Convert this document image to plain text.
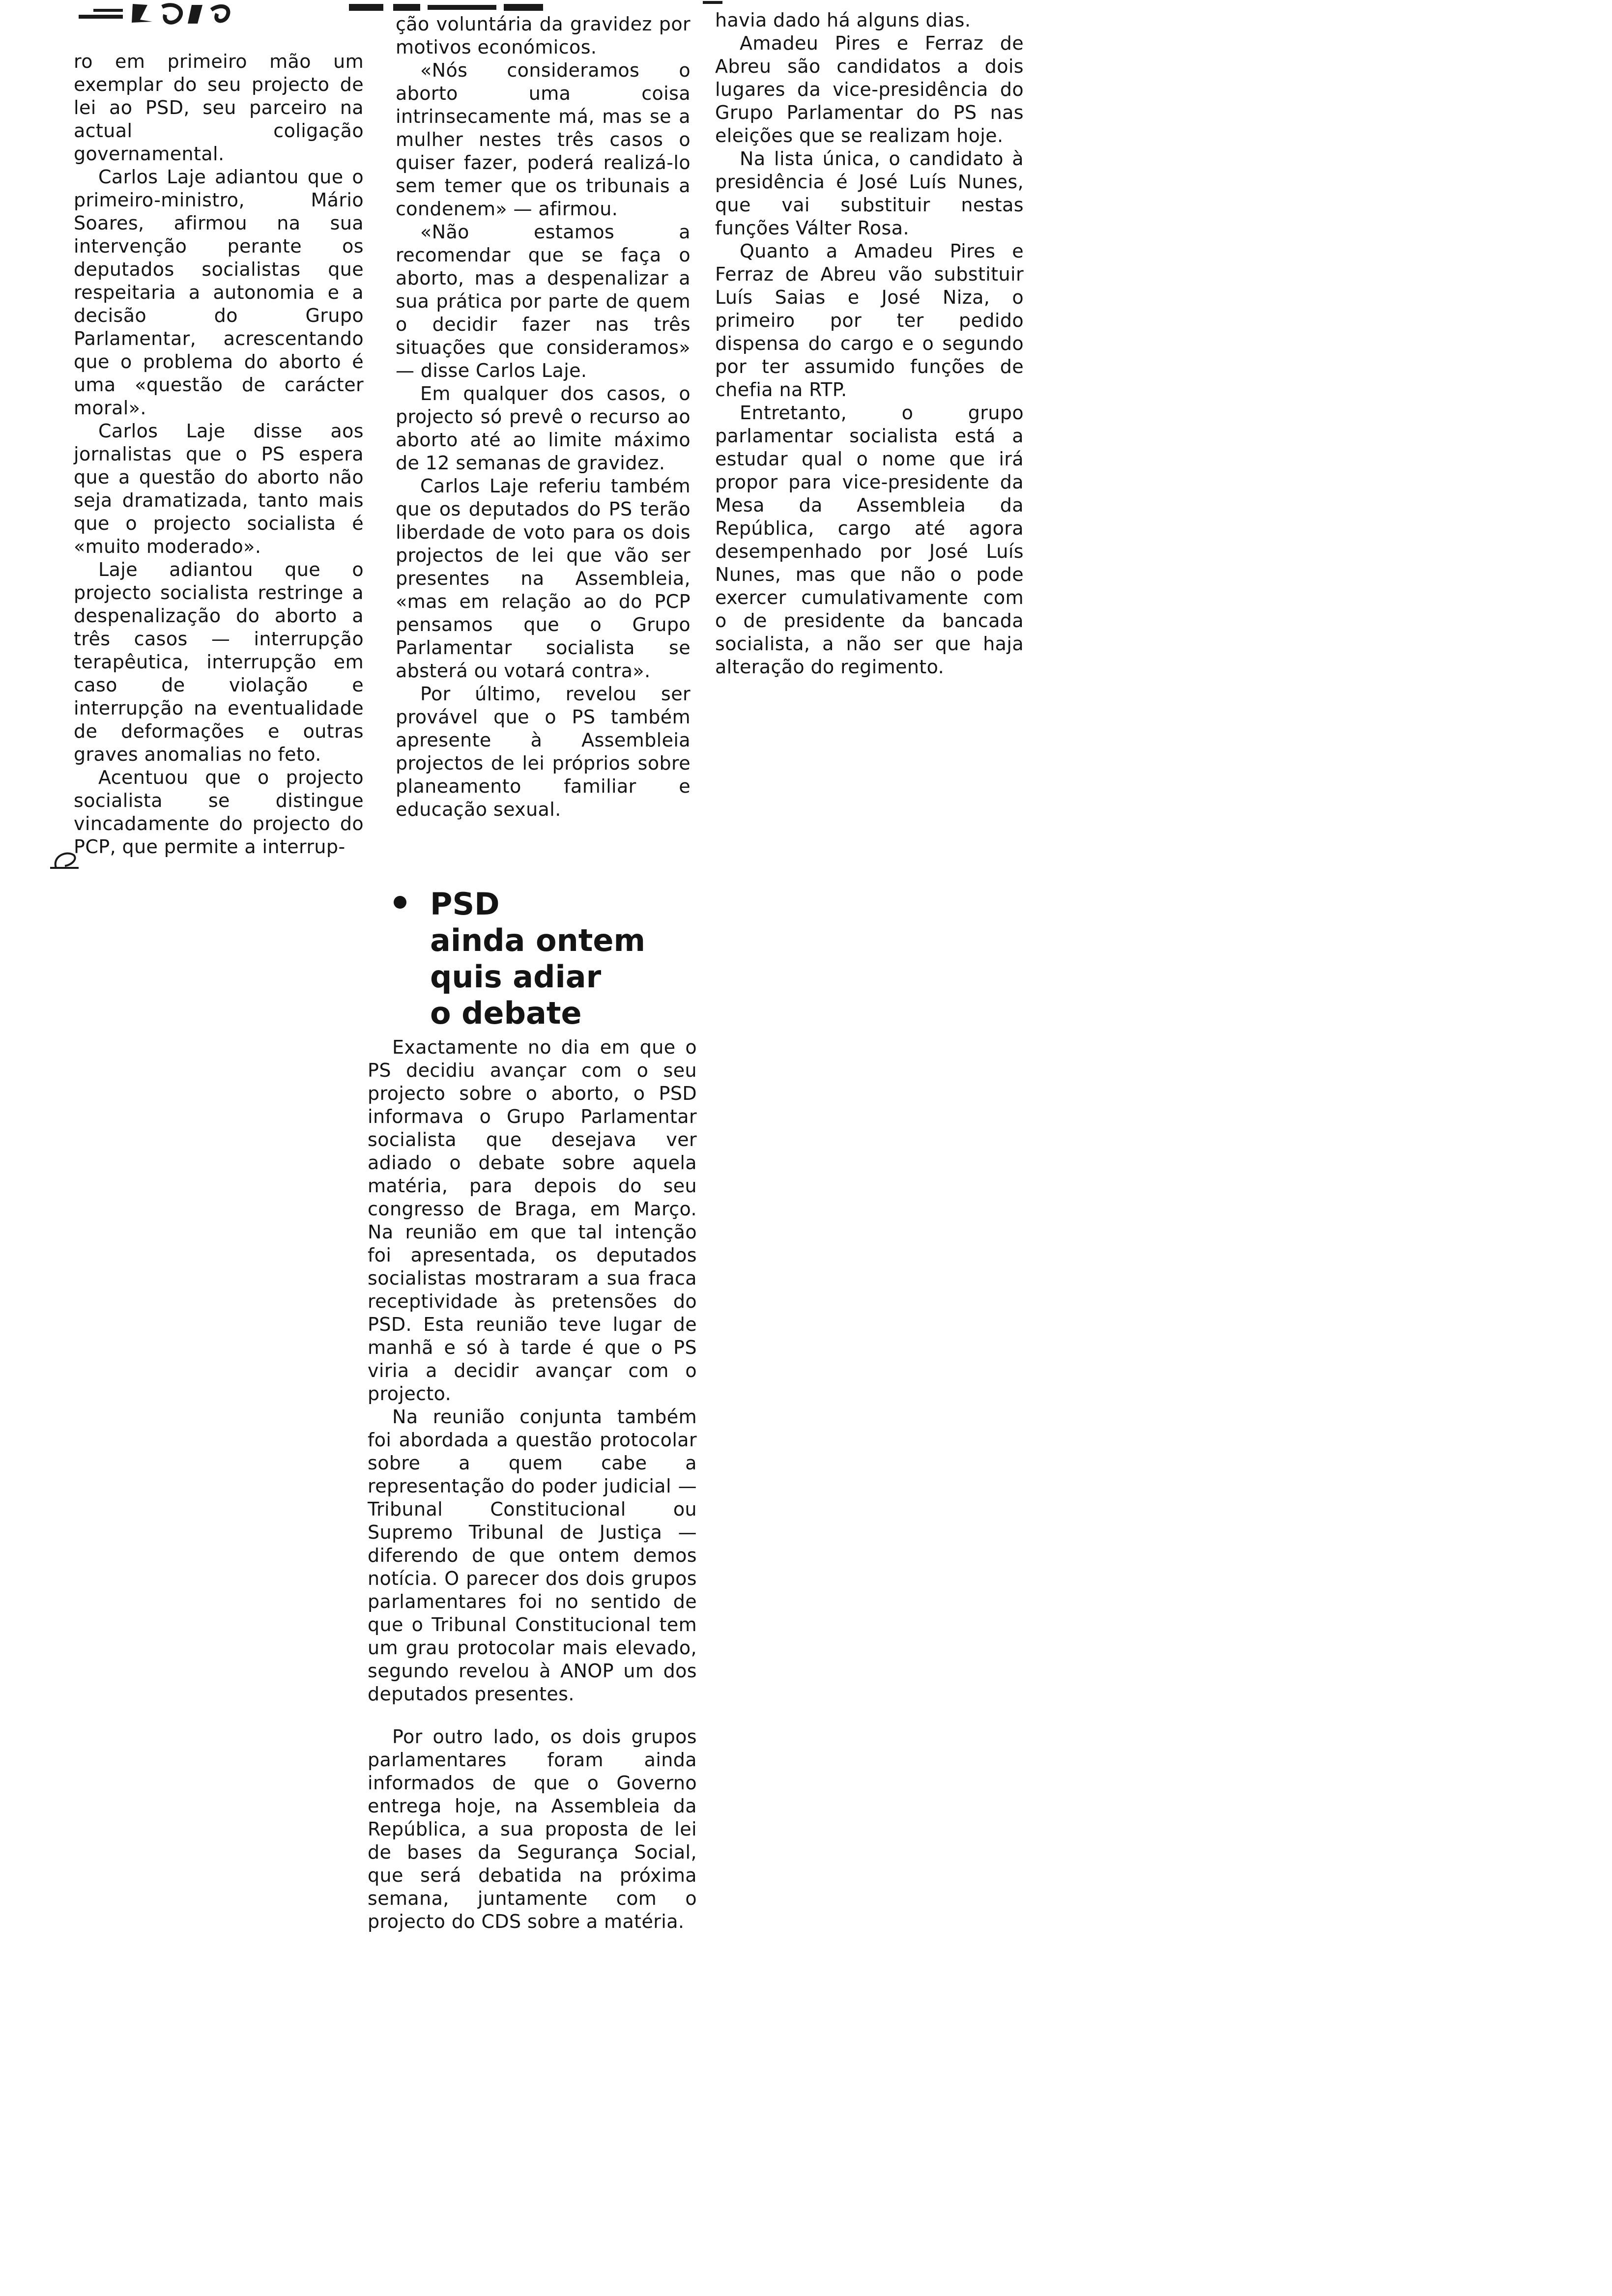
ro em primeiro mão um exemplar do seu projecto de lei ao PSD, seu parceiro na actual coligação governamental.

Carlos Laje adiantou que o primeiro-ministro, Mário Soares, afirmou na sua intervenção perante os deputados socialistas que respeitaria a autonomia e a decisão do Grupo Parlamentar, acrescentando que o problema do aborto é uma «questão de carácter moral».

Carlos Laje disse aos jornalistas que o PS espera que a questão do aborto não seja dramatizada, tanto mais que o projecto socialista é «muito moderado».

Laje adiantou que o projecto socialista restringe a despenalização do aborto a três casos — interrupção terapêutica, interrupção em caso de violação e interrupção na eventualidade de deformações e outras graves anomalias no feto.

Acentuou que o projecto socialista se distingue vincadamente do projecto do PCP, que permite a interrup-

ção voluntária da gravidez por motivos económicos.

«Nós consideramos o aborto uma coisa intrinsecamente má, mas se a mulher nestes três casos o quiser fazer, poderá realizá-lo sem temer que os tribunais a condenem» — afirmou.

«Não estamos a recomendar que se faça o aborto, mas a despenalizar a sua prática por parte de quem o decidir fazer nas três situações que consideramos» — disse Carlos Laje.

Em qualquer dos casos, o projecto só prevê o recurso ao aborto até ao limite máximo de 12 semanas de gravidez.

Carlos Laje referiu também que os deputados do PS terão liberdade de voto para os dois projectos de lei que vão ser presentes na Assembleia, «mas em relação ao do PCP pensamos que o Grupo Parlamentar socialista se absterá ou votará contra».

Por último, revelou ser provável que o PS também apresente à Assembleia projectos de lei próprios sobre planeamento familiar e educação sexual.

PSD
ainda ontem
quis adiar
o debate

Exactamente no dia em que o PS decidiu avançar com o seu projecto sobre o aborto, o PSD informava o Grupo Parlamentar socialista que desejava ver adiado o debate sobre aquela matéria, para depois do seu congresso de Braga, em Março. Na reunião em que tal intenção foi apresentada, os deputados socialistas mostraram a sua fraca receptividade às pretensões do PSD. Esta reunião teve lugar de manhã e só à tarde é que o PS viria a decidir avançar com o projecto.

Na reunião conjunta também foi abordada a questão protocolar sobre a quem cabe a representação do poder judicial — Tribunal Constitucional ou Supremo Tribunal de Justiça — diferendo de que ontem demos notícia. O parecer dos dois grupos parlamentares foi no sentido de que o Tribunal Constitucional tem um grau protocolar mais elevado, segundo revelou à ANOP um dos deputados presentes.

Por outro lado, os dois grupos parlamentares foram ainda informados de que o Governo entrega hoje, na Assembleia da República, a sua proposta de lei de bases da Segurança Social, que será debatida na próxima semana, juntamente com o projecto do CDS sobre a matéria.

havia dado há alguns dias.

Amadeu Pires e Ferraz de Abreu são candidatos a dois lugares da vice-presidência do Grupo Parlamentar do PS nas eleições que se realizam hoje.

Na lista única, o candidato à presidência é José Luís Nunes, que vai substituir nestas funções Válter Rosa.

Quanto a Amadeu Pires e Ferraz de Abreu vão substituir Luís Saias e José Niza, o primeiro por ter pedido dispensa do cargo e o segundo por ter assumido funções de chefia na RTP.

Entretanto, o grupo parlamentar socialista está a estudar qual o nome que irá propor para vice-presidente da Mesa da Assembleia da República, cargo até agora desempenhado por José Luís Nunes, mas que não o pode exercer cumulativamente com o de presidente da bancada socialista, a não ser que haja alteração do regimento.
